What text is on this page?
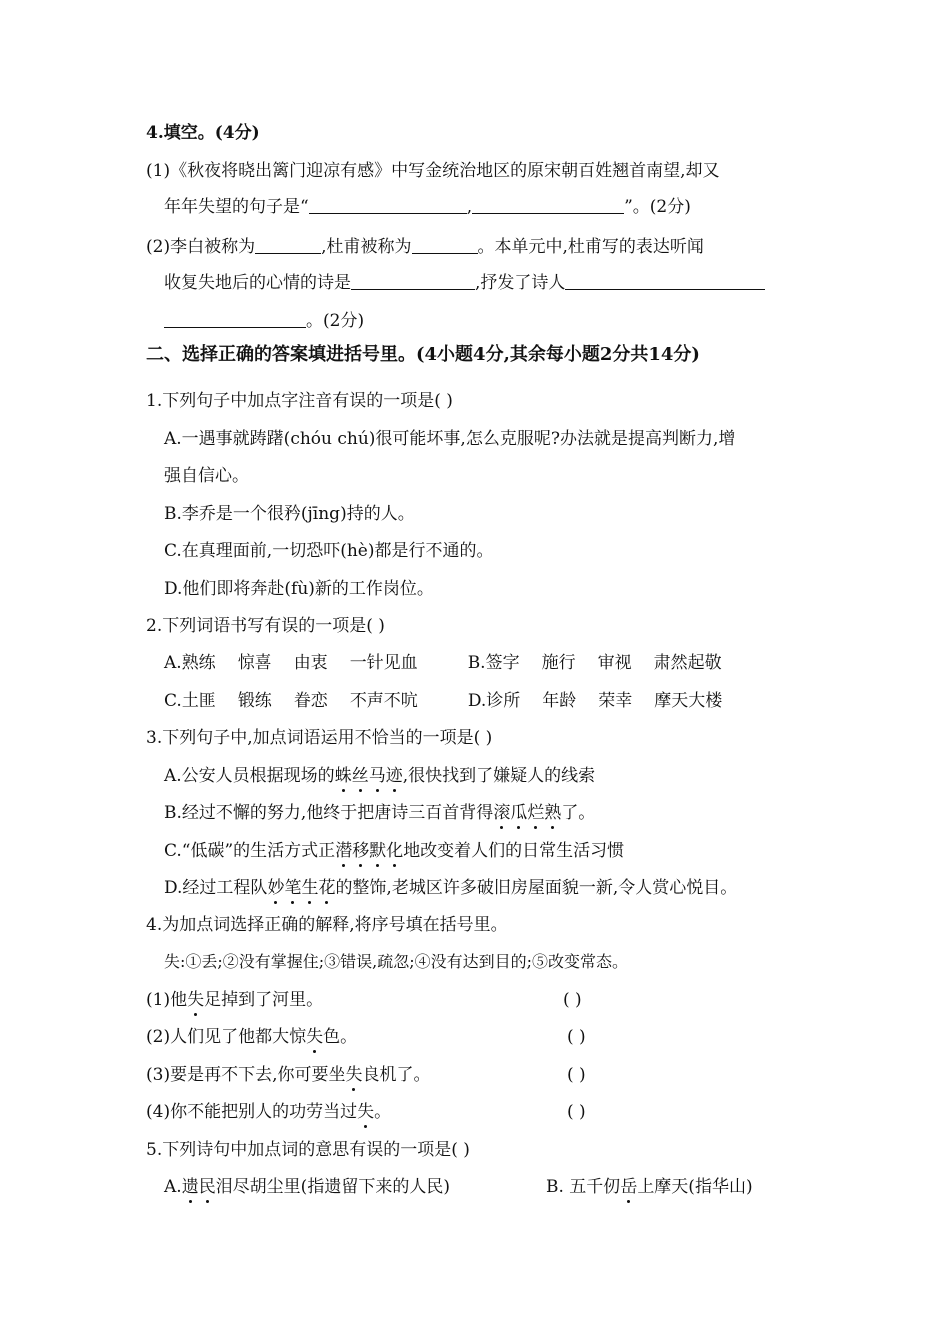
4.填空。(4分)
(1)《秋夜将晓出篱门迎凉有感》中写金统治地区的原宋朝百姓翘首南望,却又
年年失望的句子是“	,	”。(2分)
(2)李白被称为	,杜甫被称为	。本单元中,杜甫写的表达听闻
收复失地后的心情的诗是	,抒发了诗人
。(2分)
二、选择正确的答案填进括号里。(4小题4分,其余每小题2分共14分)
1.下列句子中加点字注音有误的一项是( )
A.一遇事就踌躇(chóu chú)很可能坏事,怎么克服呢?办法就是提高判断力,增
强自信心。
B.李乔是一个很矜(jīng)持的人。
C.在真理面前,一切恐吓(hè)都是行不通的。
D.他们即将奔赴(fù)新的工作岗位。
2.下列词语书写有误的一项是( )
A.熟练 惊喜 由衷 一针见血	B.签字 施行 审视 肃然起敬
C.土匪 锻练 眷恋 不声不吭	D.诊所 年龄 荣幸 摩天大楼
3.下列句子中,加点词语运用不恰当的一项是( )
A.公安人员根据现场的蛛丝马迹,很快找到了嫌疑人的线索
B.经过不懈的努力,他终于把唐诗三百首背得滚瓜烂熟了。
C.“低碳”的生活方式正潜移默化地改变着人们的日常生活习惯
D.经过工程队妙笔生花的整饰,老城区许多破旧房屋面貌一新,令人赏心悦目。
4.为加点词选择正确的解释,将序号填在括号里。
失:①丢;②没有掌握住;③错误,疏忽;④没有达到目的;⑤改变常态。
(1)他失足掉到了河里。	( )
(2)人们见了他都大惊失色。	( )
(3)要是再不下去,你可要坐失良机了。	( )
(4)你不能把别人的功劳当过失。	( )
5.下列诗句中加点词的意思有误的一项是( )
A.遗民泪尽胡尘里(指遗留下来的人民)	B. 五千仞岳上摩天(指华山)
